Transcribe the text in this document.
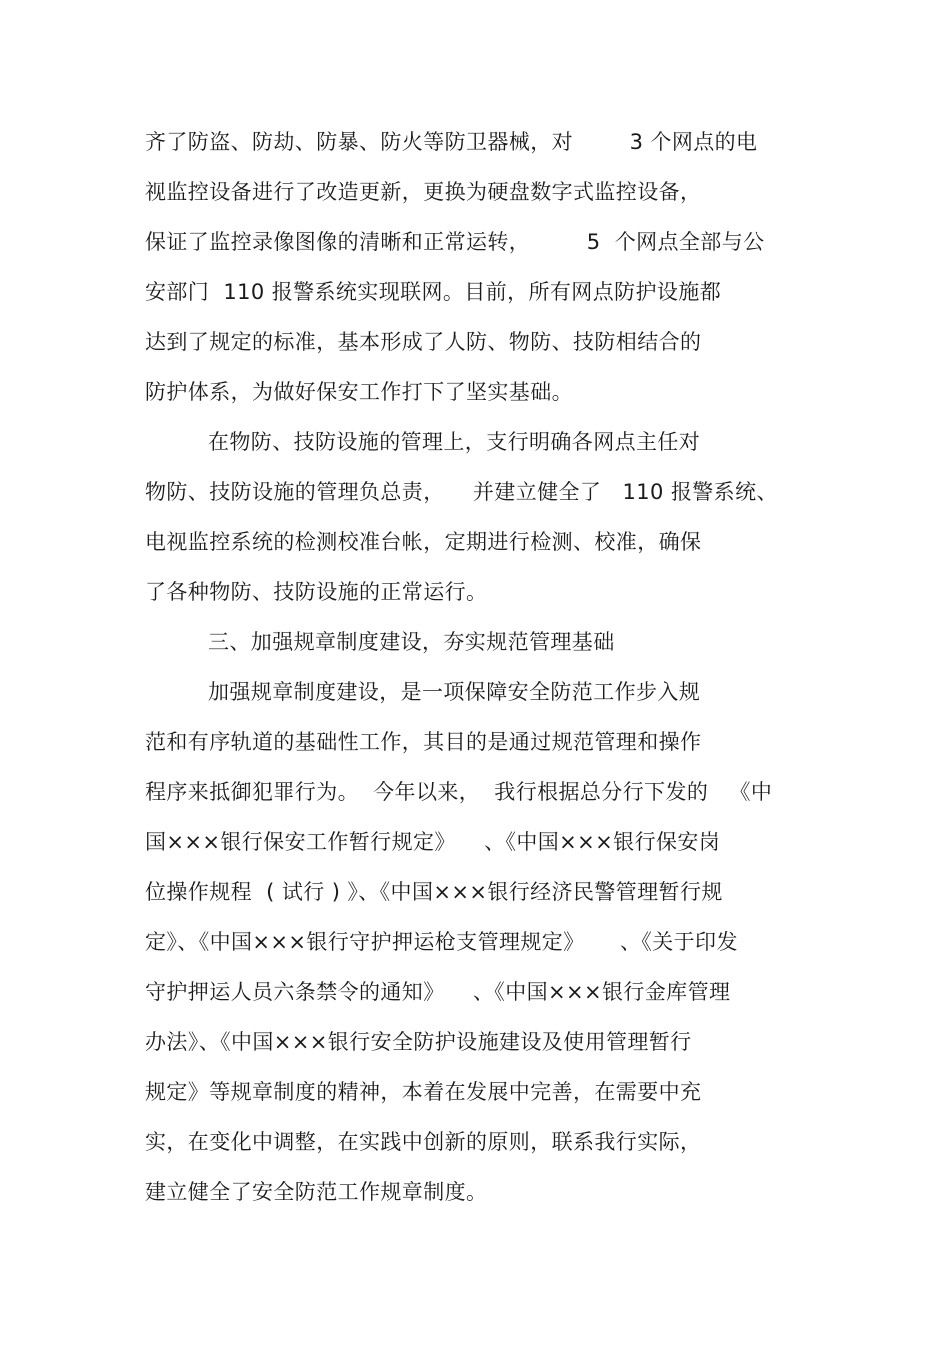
齐了防盗、防劫、防暴、防火等防卫器械，对        3 个网点的电
视监控设备进行了改造更新，更换为硬盘数字式监控设备，
保证了监控录像图像的清晰和正常运转，        5  个网点全部与公
安部门  110 报警系统实现联网。目前，所有网点防护设施都
达到了规定的标准，基本形成了人防、物防、技防相结合的
防护体系，为做好保安工作打下了坚实基础。
在物防、技防设施的管理上，支行明确各网点主任对
物防、技防设施的管理负总责，    并建立健全了   110 报警系统、
电视监控系统的检测校准台帐，定期进行检测、校准，确保
了各种物防、技防设施的正常运行。
三、加强规章制度建设，夯实规范管理基础
加强规章制度建设，是一项保障安全防范工作步入规
范和有序轨道的基础性工作，其目的是通过规范管理和操作
程序来抵御犯罪行为。  今年以来，  我行根据总分行下发的   《中
国×××银行保安工作暂行规定》    、《中国×××银行保安岗
位操作规程  ( 试行 ) 》、《中国×××银行经济民警管理暂行规
定》、《中国×××银行守护押运枪支管理规定》     、《关于印发
守护押运人员六条禁令的通知》    、《中国×××银行金库管理
办法》、《中国×××银行安全防护设施建设及使用管理暂行
规定》等规章制度的精神，本着在发展中完善，在需要中充
实，在变化中调整，在实践中创新的原则，联系我行实际，
建立健全了安全防范工作规章制度。
